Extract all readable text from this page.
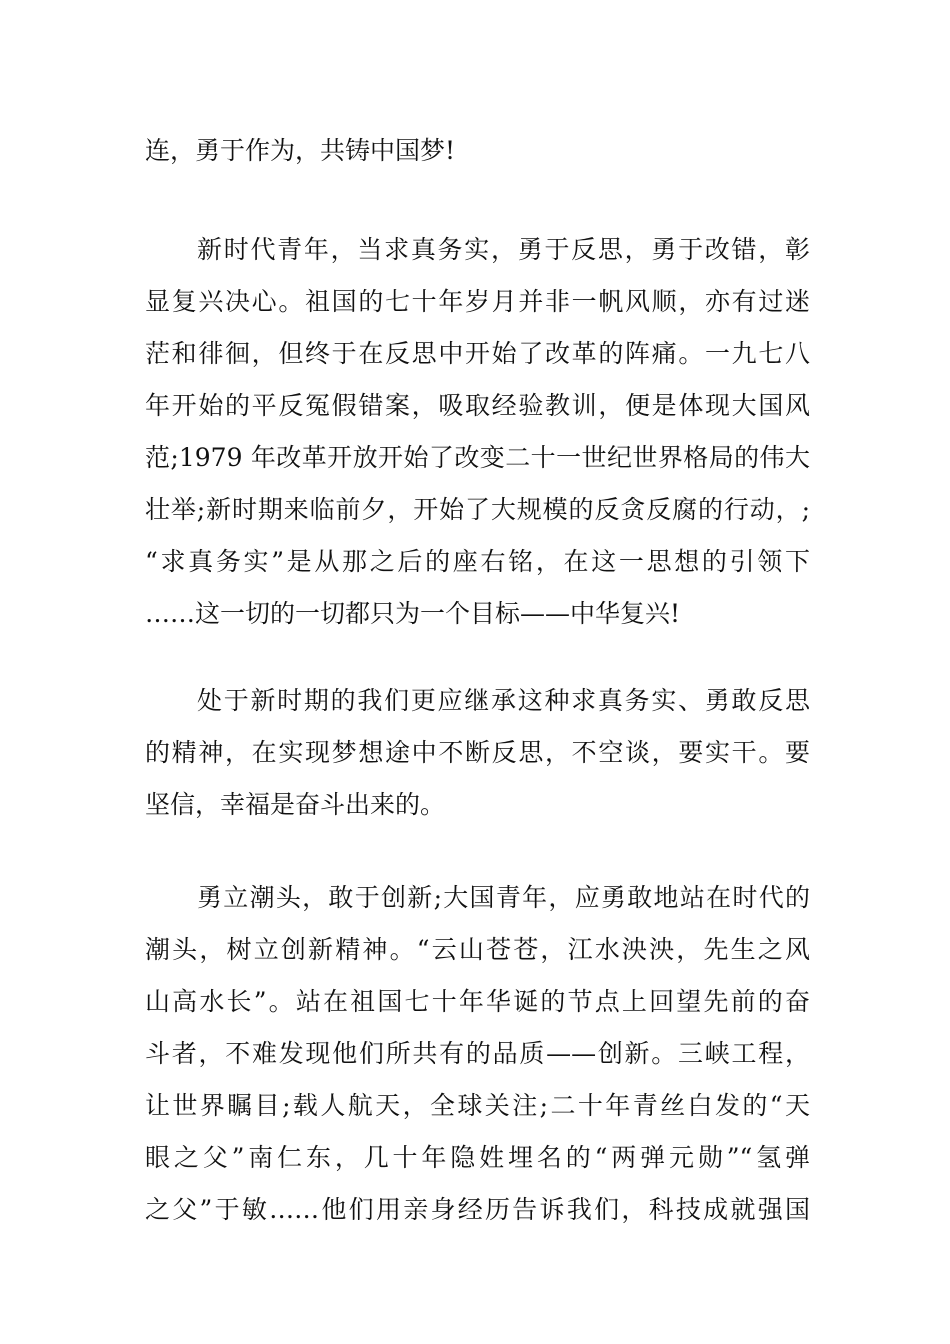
连，勇于作为，共铸中国梦!
新时代青年，当求真务实，勇于反思，勇于改错，彰
显复兴决心。祖国的七十年岁月并非一帆风顺，亦有过迷
茫和徘徊，但终于在反思中开始了改革的阵痛。一九七八
年开始的平反冤假错案，吸取经验教训，便是体现大国风
范;1979 年改革开放开始了改变二十一世纪世界格局的伟大
壮举;新时期来临前夕，开始了大规模的反贪反腐的行动，;
“求真务实”是从那之后的座右铭，在这一思想的引领下
……这一切的一切都只为一个目标——中华复兴!
处于新时期的我们更应继承这种求真务实、勇敢反思
的精神，在实现梦想途中不断反思，不空谈，要实干。要
坚信，幸福是奋斗出来的。
勇立潮头，敢于创新;大国青年，应勇敢地站在时代的
潮头，树立创新精神。“云山苍苍，江水泱泱，先生之风
山高水长”。站在祖国七十年华诞的节点上回望先前的奋
斗者，不难发现他们所共有的品质——创新。三峡工程，
让世界瞩目;载人航天，全球关注;二十年青丝白发的“天
眼之父”南仁东，几十年隐姓埋名的“两弹元勋”“氢弹
之父”于敏……他们用亲身经历告诉我们，科技成就强国
